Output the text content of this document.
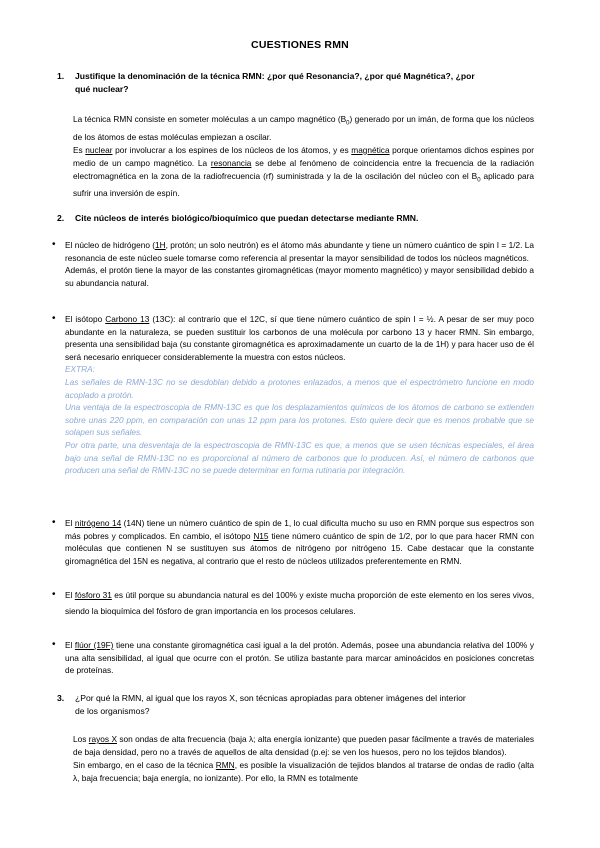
CUESTIONES RMN
1. Justifique la denominación de la técnica RMN: ¿por qué Resonancia?, ¿por qué Magnética?, ¿por
qué nuclear?

La técnica RMN consiste en someter moléculas a un campo magnético $(B_0)$ generado por un imán, de forma que los núcleos de los átomos de estas moléculas empiezan a oscilar.

Es nuclear por involucrar a los espines de los núcleos de los átomos, y es magnética porque orientamos dichos espines por medio de un campo magnético. La resonancia se debe al fenómeno de coincidencia entre la frecuencia de la radiación electromagnética en la zona de la radiofrecuencia (rf) suministrada y la de la oscilación del núcleo con el $B_0$ aplicado para sufrir una inversión de espín.

2. Cite núcleos de interés biológico/bioquímico que puedan detectarse mediante RMN.
• El núcleo de hidrógeno (1H, protón; un solo neutrón) es el átomo más abundante y tiene un número cuántico de spin I = 1/2. La resonancia de este núcleo suele tomarse como referencia al presentar la mayor sensibilidad de todos los núcleos magnéticos.

Además, el protón tiene la mayor de las constantes giromagnéticas (mayor momento magnético) y mayor sensibilidad debido a su abundancia natural.

• El isótopo Carbono 13 (13C): al contrario que el 12C, sí que tiene número cuántico de spin I = ½. A pesar de ser muy poco abundante en la naturaleza, se pueden sustituir los carbonos de una molécula por carbono 13 y hacer RMN. Sin embargo, presenta una sensibilidad baja (su constante giromagnética es aproximadamente un cuarto de la de 1H) y para hacer uso de él será necesario enriquecer considerablemente la muestra con estos núcleos.

EXTRA:

Las señales de RMN-13C no se desdoblan debido a protones enlazados, a menos que el espectrómetro funcione en modo acoplado a protón.

Una ventaja de la espectroscopia de RMN-13C es que los desplazamientos químicos de los átomos de carbono se extienden sobre unas 220 ppm, en comparación con unas 12 ppm para los protones. Esto quiere decir que es menos probable que se solapen sus señales.

Por otra parte, una desventaja de la espectroscopia de RMN-13C es que, a menos que se usen técnicas especiales, el área bajo una señal de RMN-13C no es proporcional al número de carbonos que lo producen. Así, el número de carbonos que producen una señal de RMN-13C no se puede determinar en forma rutinaria por integración.

• El nitrógeno 14 (14N) tiene un número cuántico de spin de 1, lo cual dificulta mucho su uso en RMN porque sus espectros son más pobres y complicados. En cambio, el isótopo N15 tiene número cuántico de spin de 1/2, por lo que para hacer RMN con moléculas que contienen N se sustituyen sus átomos de nitrógeno por nitrógeno 15. Cabe destacar que la constante giromagnética del 15N es negativa, al contrario que el resto de núcleos utilizados preferentemente en RMN.

• El fósforo 31 es útil porque su abundancia natural es del 100% y existe mucha proporción de este elemento en los seres vivos, siendo la bioquímica del fósforo de gran importancia en los procesos celulares.

• El flúor (19F) tiene una constante giromagnética casi igual a la del protón. Además, posee una abundancia relativa del 100% y una alta sensibilidad, al igual que ocurre con el protón. Se utiliza bastante para marcar aminoácidos en posiciones concretas de proteínas.

3. ¿Por qué la RMN, al igual que los rayos X, son técnicas apropiadas para obtener imágenes del interior
de los organismos?

Los rayos X son ondas de alta frecuencia (baja λ; alta energía ionizante) que pueden pasar fácilmente a través de materiales de baja densidad, pero no a través de aquellos de alta densidad (p.ej: se ven los huesos, pero no los tejidos blandos).

Sin embargo, en el caso de la técnica RMN, es posible la visualización de tejidos blandos al tratarse de ondas de radio (alta λ, baja frecuencia; baja energía, no ionizante). Por ello, la RMN es totalmente
